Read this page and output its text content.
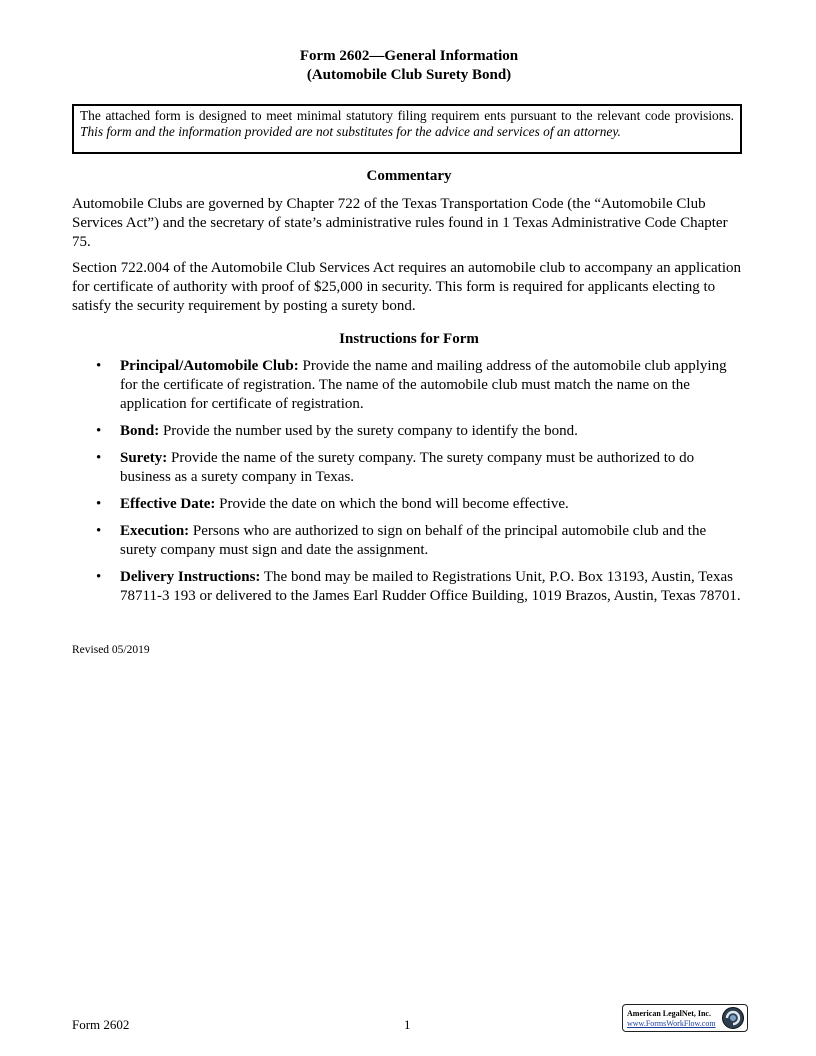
Form 2602—General Information
(Automobile Club Surety Bond)
The attached form is designed to meet minimal statutory filing requirem ents pursuant to the relevant code provisions. This form and the information provided are not substitutes for the advice and services of an attorney.
Commentary
Automobile Clubs are governed by Chapter 722 of the Texas Transportation Code (the “Automobile Club Services Act”) and the secretary of state’s administrative rules found in 1 Texas Administrative Code Chapter 75.
Section 722.004 of the Automobile Club Services Act requires an automobile club to accompany an application for certificate of authority with proof of $25,000 in security. This form is required for applicants electing to satisfy the security requirement by posting a surety bond.
Instructions for Form
• Principal/Automobile Club: Provide the name and mailing address of the automobile club applying for the certificate of registration. The name of the automobile club must match the name on the application for certificate of registration.
• Bond: Provide the number used by the surety company to identify the bond.
• Surety: Provide the name of the surety company. The surety company must be authorized to do business as a surety company in Texas.
• Effective Date: Provide the date on which the bond will become effective.
• Execution: Persons who are authorized to sign on behalf of the principal automobile club and the surety company must sign and date the assignment.
• Delivery Instructions: The bond may be mailed to Registrations Unit, P.O. Box 13193, Austin, Texas 78711-3 193 or delivered to the James Earl Rudder Office Building, 1019 Brazos, Austin, Texas 78701.
Revised 05/2019
Form 2602	1
American LegalNet, Inc.
www.FormsWorkFlow.com
